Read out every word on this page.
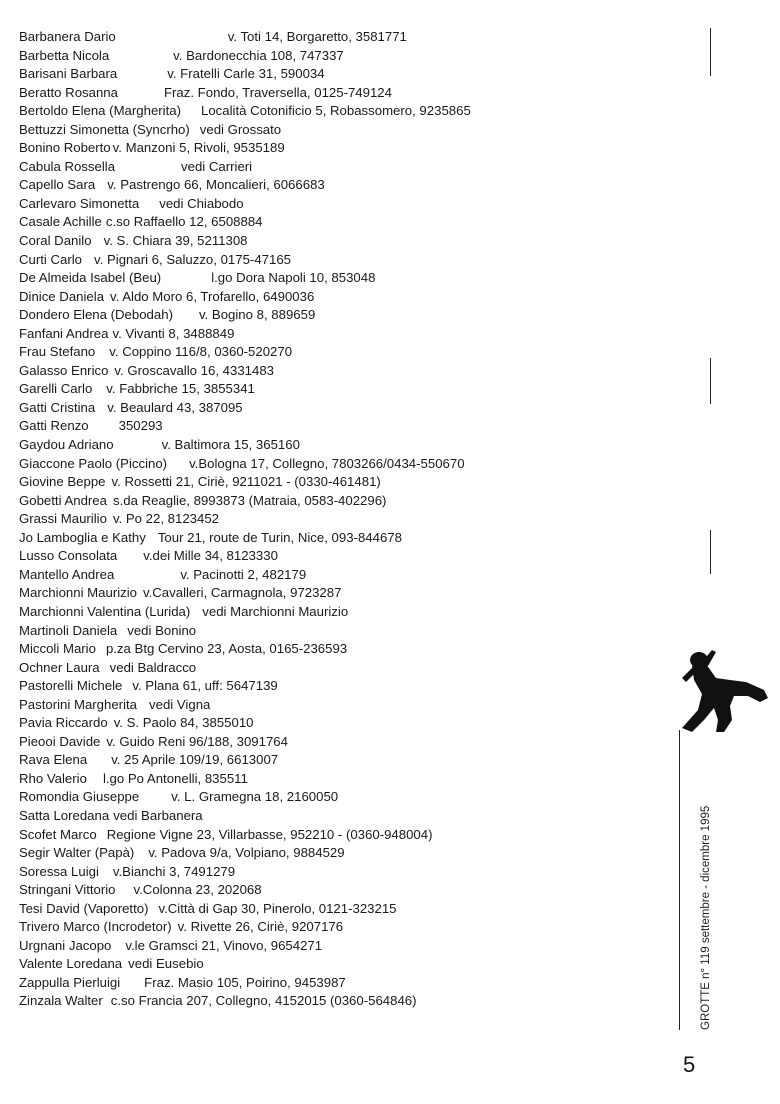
Barbanera Dario	v. Toti 14, Borgaretto, 3581771
Barbetta Nicola	v. Bardonecchia 108, 747337
Barisani Barbara	v. Fratelli Carle 31, 590034
Beratto Rosanna	Fraz. Fondo, Traversella, 0125-749124
Bertoldo Elena (Margherita) Località Cotonificio 5, Robassomero, 9235865
Bettuzzi Simonetta (Syncrho) vedi Grossato
Bonino Roberto v. Manzoni 5, Rivoli, 9535189
Cabula Rossella	vedi Carrieri
Capello Sara v. Pastrengo 66, Moncalieri, 6066683
Carlevaro Simonetta vedi Chiabodo
Casale Achille c.so Raffaello 12, 6508884
Coral Danilo v. S. Chiara 39, 5211308
Curti Carlo v. Pignari 6, Saluzzo, 0175-47165
De Almeida Isabel (Beu)	l.go Dora Napoli 10, 853048
Dinice Daniela v. Aldo Moro 6, Trofarello, 6490036
Dondero Elena (Debodah) v. Bogino 8, 889659
Fanfani Andrea v. Vivanti 8, 3488849
Frau Stefano v. Coppino 116/8, 0360-520270
Galasso Enrico v. Groscavallo 16, 4331483
Garelli Carlo v. Fabbriche 15, 3855341
Gatti Cristina v. Beaulard 43, 387095
Gatti Renzo 350293
Gaydou Adriano	v. Baltimora 15, 365160
Giaccone Paolo (Piccino) v.Bologna 17, Collegno, 7803266/0434-550670
Giovine Beppe v. Rossetti 21, Ciriè, 9211021 - (0330-461481)
Gobetti Andrea s.da Reaglie, 8993873 (Matraia, 0583-402296)
Grassi Maurilio v. Po 22, 8123452
Jo Lamboglia e Kathy Tour 21, route de Turin, Nice, 093-844678
Lusso Consolata v.dei Mille 34, 8123330
Mantello Andrea	v. Pacinotti 2, 482179
Marchionni Maurizio v.Cavalleri, Carmagnola, 9723287
Marchionni Valentina (Lurida) vedi Marchionni Maurizio
Martinoli Daniela vedi Bonino
Miccoli Mario p.za Btg Cervino 23, Aosta, 0165-236593
Ochner Laura vedi Baldracco
Pastorelli Michele v. Plana 61, uff: 5647139
Pastorini Margherita vedi Vigna
Pavia Riccardo v. S. Paolo 84, 3855010
Pieooi Davide v. Guido Reni 96/188, 3091764
Rava Elena v. 25 Aprile 109/19, 6613007
Rho Valerio l.go Po Antonelli, 835511
Romondia Giuseppe v. L. Gramegna 18, 2160050
Satta Loredana vedi Barbanera
Scofet Marco Regione Vigne 23, Villarbasse, 952210 - (0360-948004)
Segir Walter (Papà) v. Padova 9/a, Volpiano, 9884529
Soressa Luigi v.Bianchi 3, 7491279
Stringani Vittorio v.Colonna 23, 202068
Tesi David (Vaporetto) v.Città di Gap 30, Pinerolo, 0121-323215
Trivero Marco (Incrodetor) v. Rivette 26, Ciriè, 9207176
Urgnani Jacopo v.le Gramsci 21, Vinovo, 9654271
Valente Loredana vedi Eusebio
Zappulla Pierluigi Fraz. Masio 105, Poirino, 9453987
Zinzala Walter c.so Francia 207, Collegno, 4152015 (0360-564846)	GROTTE n° 119 settembre - dicembre 1995
5
